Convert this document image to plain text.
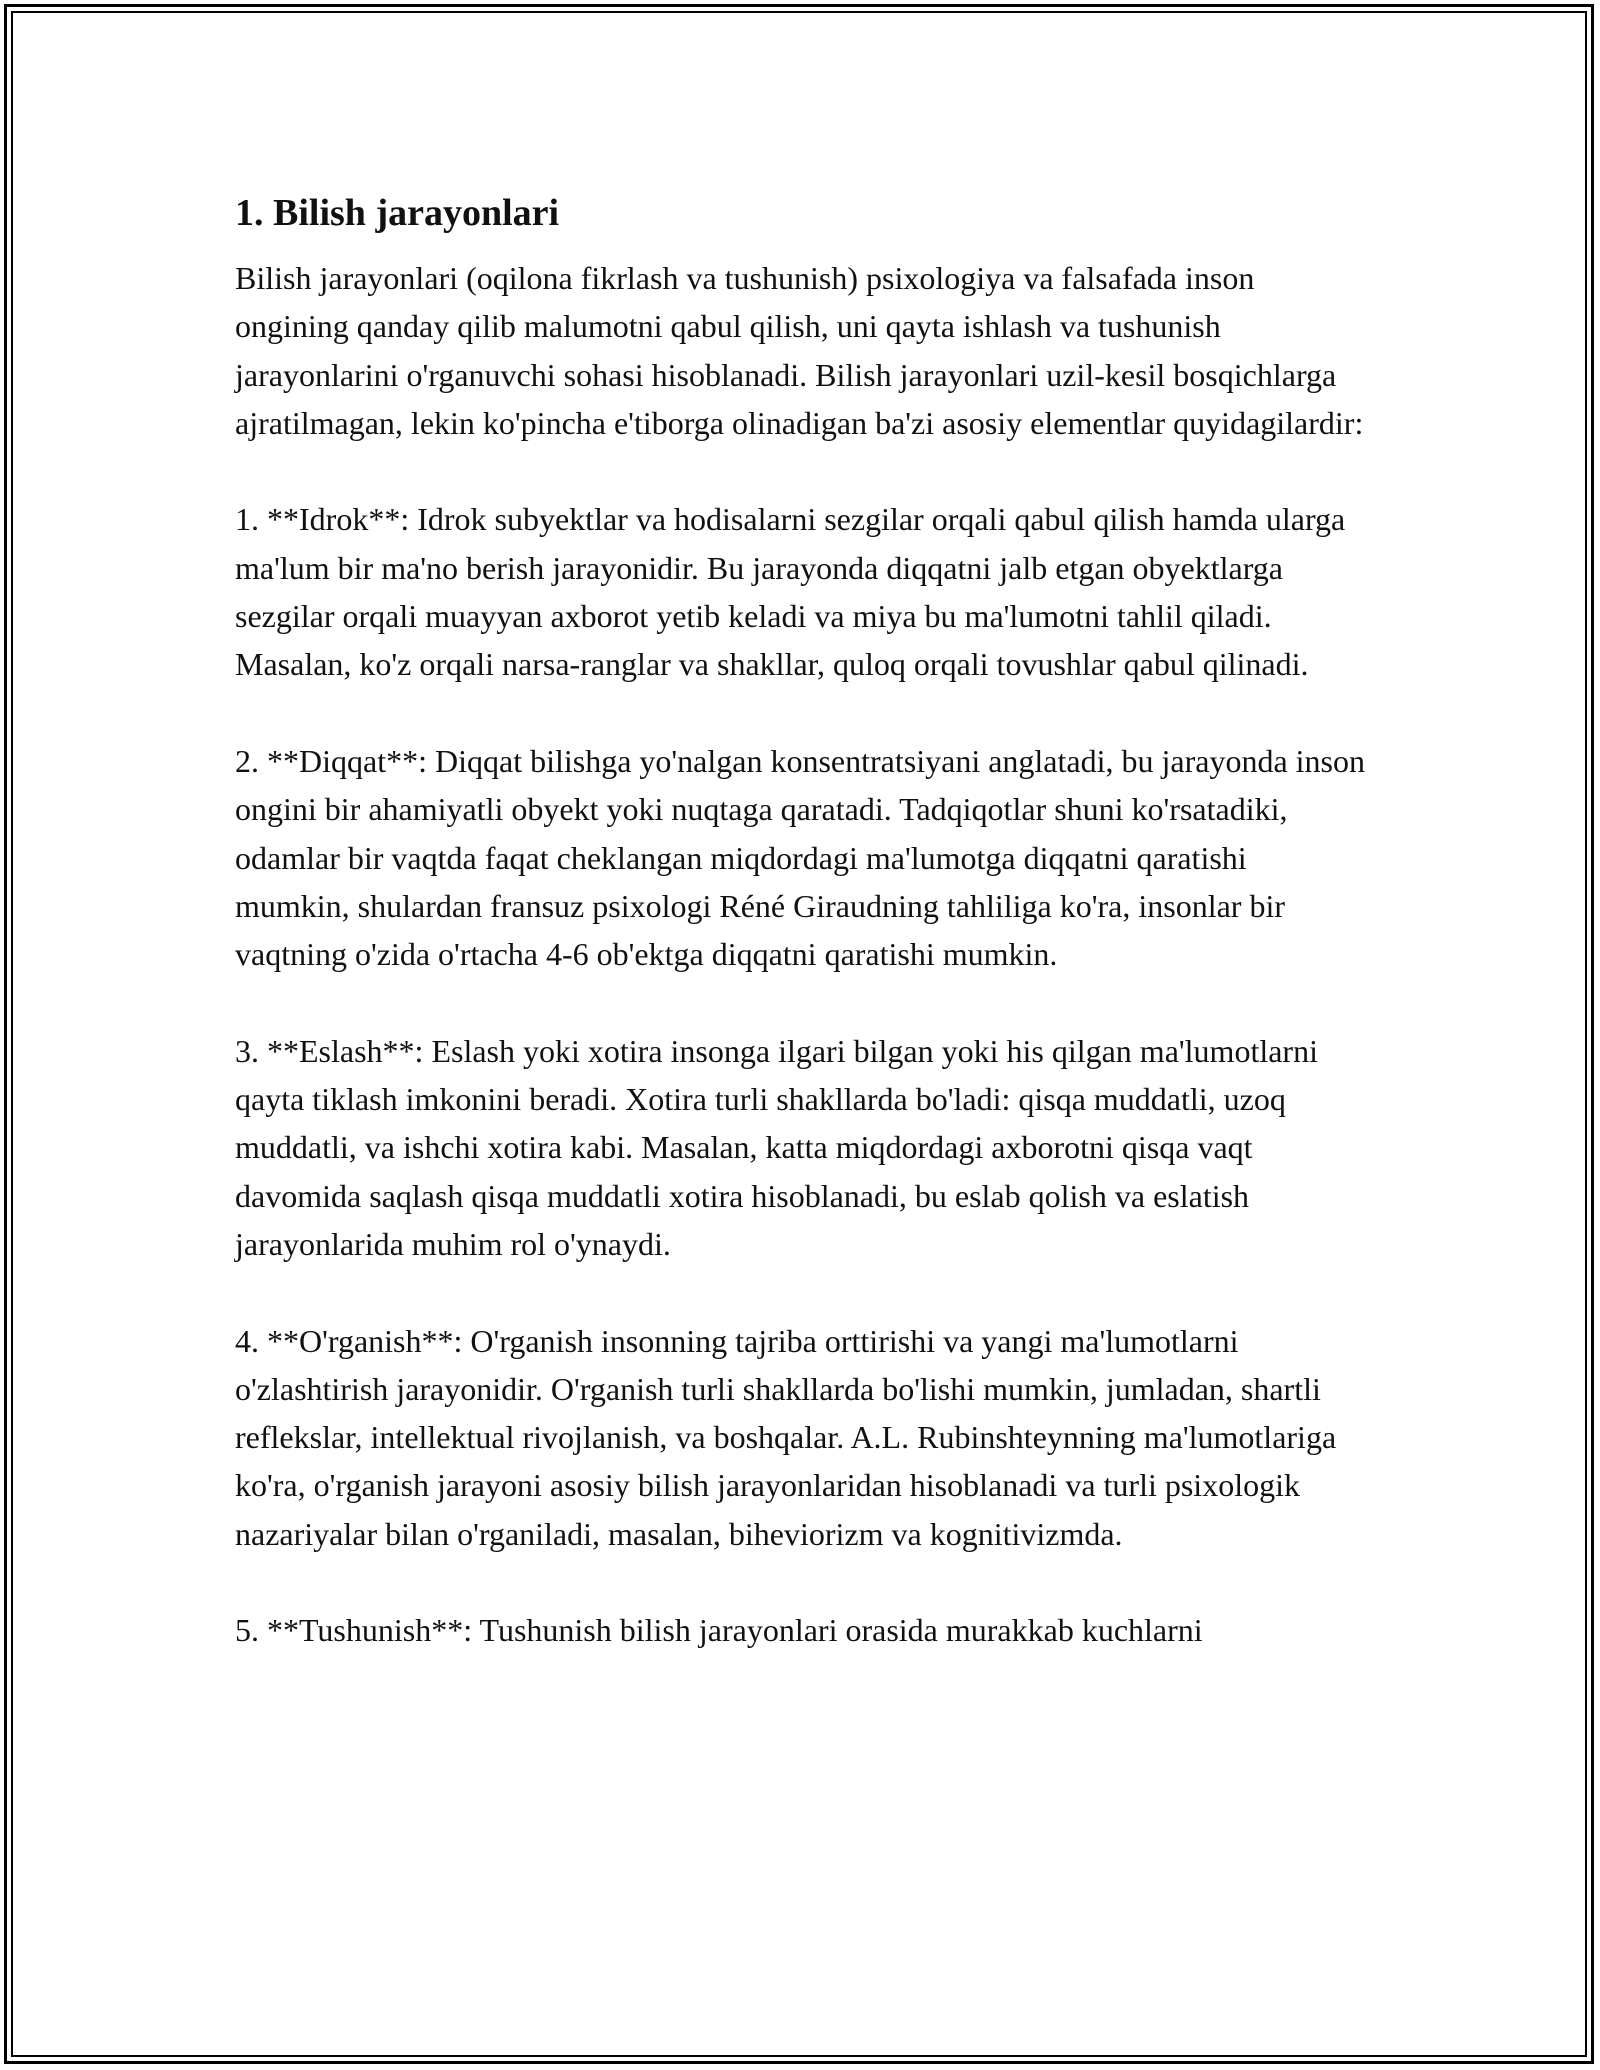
1. Bilish jarayonlari

Bilish jarayonlari (oqilona fikrlash va tushunish) psixologiya va falsafada inson ongining qanday qilib malumotni qabul qilish, uni qayta ishlash va tushunish jarayonlarini o'rganuvchi sohasi hisoblanadi. Bilish jarayonlari uzil-kesil bosqichlarga ajratilmagan, lekin ko'pincha e'tiborga olinadigan ba'zi asosiy elementlar quyidagilardir:

1. **Idrok**: Idrok subyektlar va hodisalarni sezgilar orqali qabul qilish hamda ularga ma'lum bir ma'no berish jarayonidir. Bu jarayonda diqqatni jalb etgan obyektlarga sezgilar orqali muayyan axborot yetib keladi va miya bu ma'lumotni tahlil qiladi. Masalan, ko'z orqali narsa-ranglar va shakllar, quloq orqali tovushlar qabul qilinadi.

2. **Diqqat**: Diqqat bilishga yo'nalgan konsentratsiyani anglatadi, bu jarayonda inson ongini bir ahamiyatli obyekt yoki nuqtaga qaratadi. Tadqiqotlar shuni ko'rsatadiki, odamlar bir vaqtda faqat cheklangan miqdordagi ma'lumotga diqqatni qaratishi mumkin, shulardan fransuz psixologi Réné Giraudning tahliliga ko'ra, insonlar bir vaqtning o'zida o'rtacha 4-6 ob'ektga diqqatni qaratishi mumkin.

3. **Eslash**: Eslash yoki xotira insonga ilgari bilgan yoki his qilgan ma'lumotlarni qayta tiklash imkonini beradi. Xotira turli shakllarda bo'ladi: qisqa muddatli, uzoq muddatli, va ishchi xotira kabi. Masalan, katta miqdordagi axborotni qisqa vaqt davomida saqlash qisqa muddatli xotira hisoblanadi, bu eslab qolish va eslatish jarayonlarida muhim rol o'ynaydi.

4. **O'rganish**: O'rganish insonning tajriba orttirishi va yangi ma'lumotlarni o'zlashtirish jarayonidir. O'rganish turli shakllarda bo'lishi mumkin, jumladan, shartli reflekslar, intellektual rivojlanish, va boshqalar. A.L. Rubinshteynning ma'lumotlariga ko'ra, o'rganish jarayoni asosiy bilish jarayonlaridan hisoblanadi va turli psixologik nazariyalar bilan o'rganiladi, masalan, biheviorizm va kognitivizmda.

5. **Tushunish**: Tushunish bilish jarayonlari orasida murakkab kuchlarni
